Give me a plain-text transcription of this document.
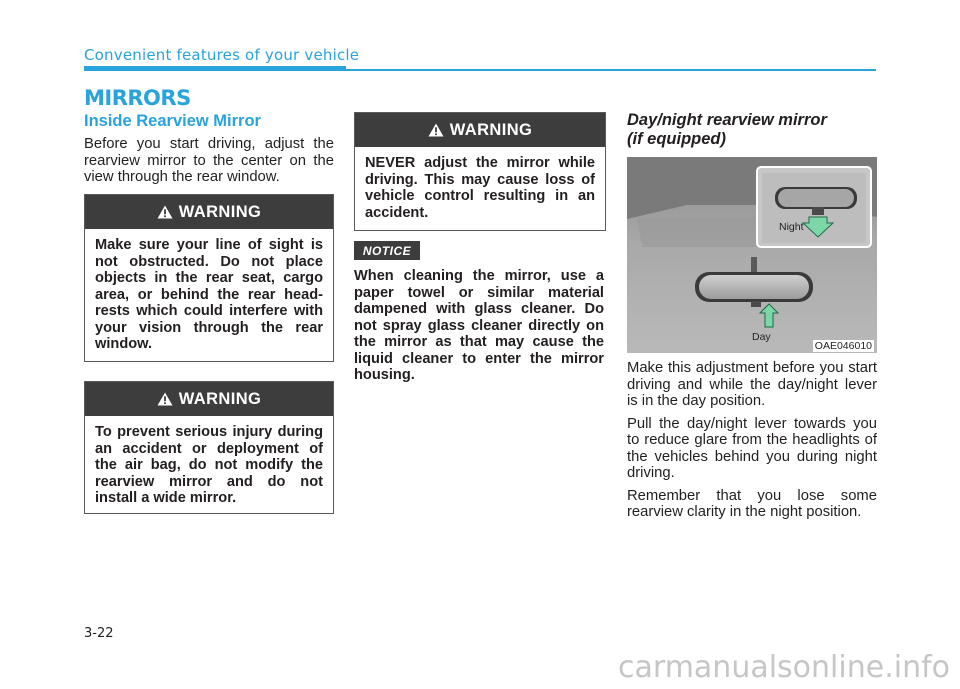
Convenient features of your vehicle
MIRRORS
Inside Rearview Mirror

Before you start driving, adjust the rearview mirror to the center on the view through the rear window.

WARNING
Make sure your line of sight is not obstructed. Do not place objects in the rear seat, cargo area, or behind the rear head-rests which could interfere with your vision through the rear window.
WARNING
To prevent serious injury during an accident or deployment of the air bag, do not modify the rearview mirror and do not install a wide mirror.
WARNING
NEVER adjust the mirror while driving. This may cause loss of vehicle control resulting in an accident.
NOTICE
When cleaning the mirror, use a paper towel or similar material dampened with glass cleaner. Do not spray glass cleaner directly on the mirror as that may cause the liquid cleaner to enter the mirror housing.
Day/night rearview mirror
(if equipped)
Night
Day
OAE046010

Make this adjustment before you start driving and while the day/night lever is in the day position.

Pull the day/night lever towards you to reduce glare from the headlights of the vehicles behind you during night driving.

Remember that you lose some rearview clarity in the night position.

3-22
carmanualsonline.info
